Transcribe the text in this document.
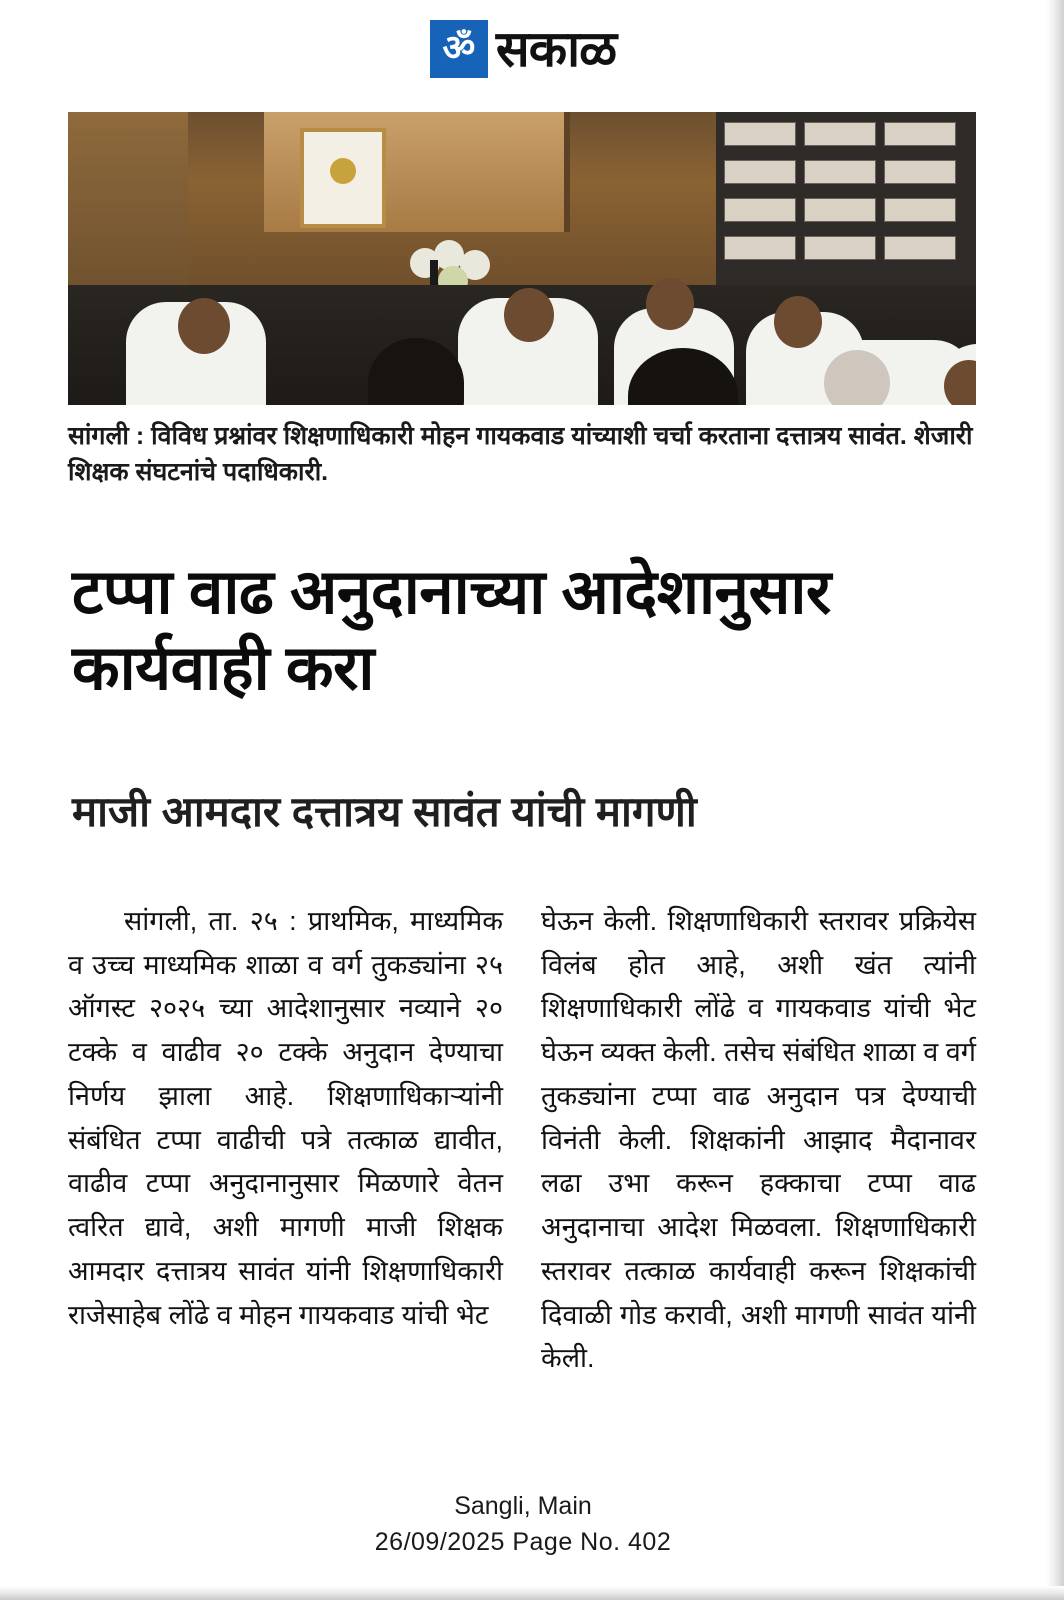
ॐ सकाळ
सांगली : विविध प्रश्नांवर शिक्षणाधिकारी मोहन गायकवाड यांच्याशी चर्चा करताना दत्तात्रय सावंत. शेजारी शिक्षक संघटनांचे पदाधिकारी.
टप्पा वाढ अनुदानाच्या आदेशानुसार कार्यवाही करा
माजी आमदार दत्तात्रय सावंत यांची मागणी

सांगली, ता. २५ : प्राथमिक, माध्यमिक व उच्च माध्यमिक शाळा व वर्ग तुकड्यांना २५ ऑगस्ट २०२५ च्या आदेशानुसार नव्याने २० टक्के व वाढीव २० टक्के अनुदान देण्याचा निर्णय झाला आहे. शिक्षणाधिकाऱ्यांनी संबंधित टप्पा वाढीची पत्रे तत्काळ द्यावीत, वाढीव टप्पा अनुदानानुसार मिळणारे वेतन त्वरित द्यावे, अशी मागणी माजी शिक्षक आमदार दत्तात्रय सावंत यांनी शिक्षणाधिकारी राजेसाहेब लोंढे व मोहन गायकवाड यांची भेट

घेऊन केली. शिक्षणाधिकारी स्तरावर प्रक्रियेस विलंब होत आहे, अशी खंत त्यांनी शिक्षणाधिकारी लोंढे व गायकवाड यांची भेट घेऊन व्यक्त केली. तसेच संबंधित शाळा व वर्ग तुकड्यांना टप्पा वाढ अनुदान पत्र देण्याची विनंती केली. शिक्षकांनी आझाद मैदानावर लढा उभा करून हक्काचा टप्पा वाढ अनुदानाचा आदेश मिळवला. शिक्षणाधिकारी स्तरावर तत्काळ कार्यवाही करून शिक्षकांची दिवाळी गोड करावी, अशी मागणी सावंत यांनी केली.

Sangli, Main
26/09/2025 Page No. 402
